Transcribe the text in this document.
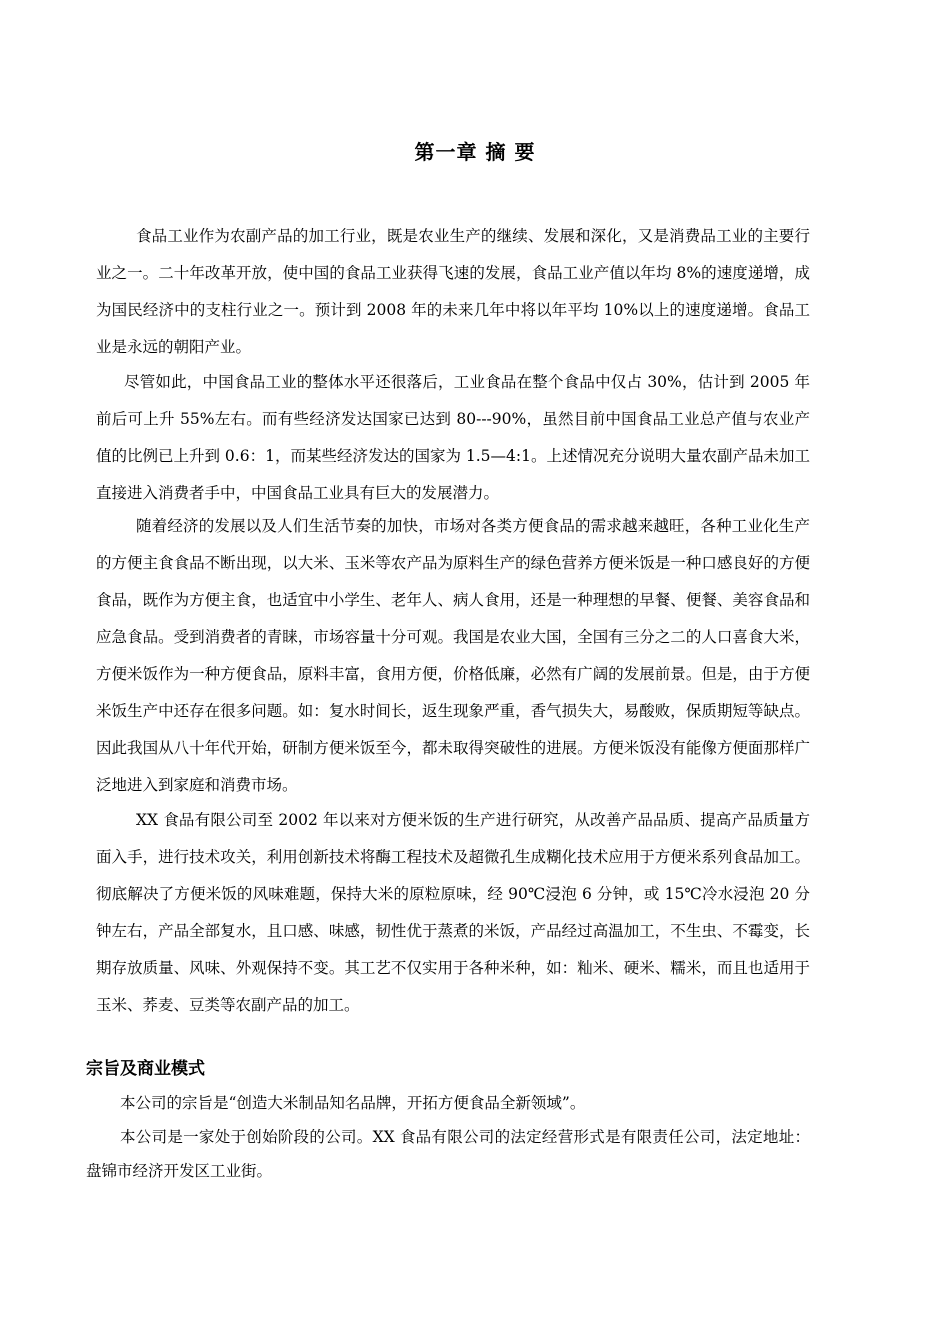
第一章 摘 要

食品工业作为农副产品的加工行业，既是农业生产的继续、发展和深化，又是消费品工业的主要行业之一。二十年改革开放，使中国的食品工业获得飞速的发展，食品工业产值以年均 8%的速度递增，成为国民经济中的支柱行业之一。预计到 2008 年的未来几年中将以年平均 10%以上的速度递增。食品工业是永远的朝阳产业。

尽管如此，中国食品工业的整体水平还很落后，工业食品在整个食品中仅占 30%，估计到 2005 年前后可上升 55%左右。而有些经济发达国家已达到 80---90%，虽然目前中国食品工业总产值与农业产值的比例已上升到 0.6：1，而某些经济发达的国家为 1.5—4:1。上述情况充分说明大量农副产品未加工直接进入消费者手中，中国食品工业具有巨大的发展潜力。

随着经济的发展以及人们生活节奏的加快，市场对各类方便食品的需求越来越旺，各种工业化生产的方便主食食品不断出现，以大米、玉米等农产品为原料生产的绿色营养方便米饭是一种口感良好的方便食品，既作为方便主食，也适宜中小学生、老年人、病人食用，还是一种理想的早餐、便餐、美容食品和应急食品。受到消费者的青睐，市场容量十分可观。我国是农业大国，全国有三分之二的人口喜食大米，方便米饭作为一种方便食品，原料丰富，食用方便，价格低廉，必然有广阔的发展前景。但是，由于方便米饭生产中还存在很多问题。如：复水时间长，返生现象严重，香气损失大，易酸败，保质期短等缺点。因此我国从八十年代开始，研制方便米饭至今，都未取得突破性的进展。方便米饭没有能像方便面那样广泛地进入到家庭和消费市场。

XX 食品有限公司至 2002 年以来对方便米饭的生产进行研究，从改善产品品质、提高产品质量方面入手，进行技术攻关，利用创新技术将酶工程技术及超微孔生成糊化技术应用于方便米系列食品加工。彻底解决了方便米饭的风味难题，保持大米的原粒原味，经 90℃浸泡 6 分钟，或 15℃冷水浸泡 20 分钟左右，产品全部复水，且口感、味感，韧性优于蒸煮的米饭，产品经过高温加工，不生虫、不霉变，长期存放质量、风味、外观保持不变。其工艺不仅实用于各种米种，如：籼米、硬米、糯米，而且也适用于玉米、荞麦、豆类等农副产品的加工。

宗旨及商业模式

本公司的宗旨是“创造大米制品知名品牌，开拓方便食品全新领域”。

本公司是一家处于创始阶段的公司。XX 食品有限公司的法定经营形式是有限责任公司，法定地址：盘锦市经济开发区工业街。
